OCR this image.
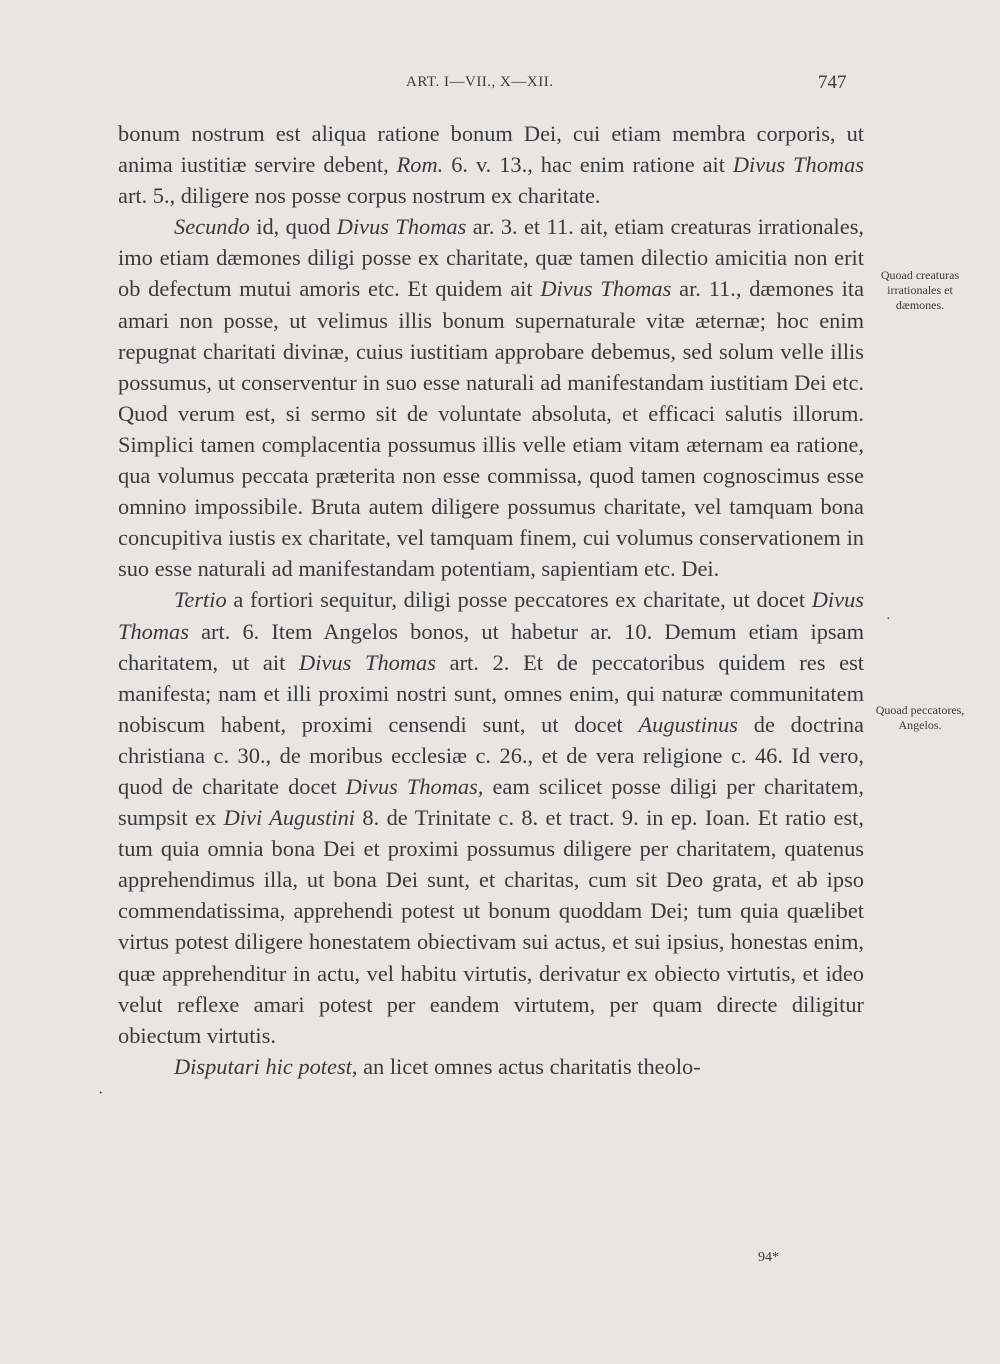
ART. I—VII., X—XII.	747

bonum nostrum est aliqua ratione bonum Dei, cui etiam membra corporis, ut anima iustitiæ servire debent, Rom. 6. v. 13., hac enim ratione ait Divus Thomas art. 5., diligere nos posse corpus nostrum ex charitate.

Secundo id, quod Divus Thomas ar. 3. et 11. ait, etiam creaturas irrationales, imo etiam dæmones diligi posse ex charitate, quæ tamen dilectio amicitia non erit ob defectum mutui amoris etc. Et quidem ait Divus Thomas ar. 11., dæmones ita amari non posse, ut velimus illis bonum supernaturale vitæ æternæ; hoc enim repugnat charitati divinæ, cuius iustitiam approbare debemus, sed solum velle illis possumus, ut conserventur in suo esse naturali ad manifestandam iustitiam Dei etc. Quod verum est, si sermo sit de voluntate absoluta, et efficaci salutis illorum. Simplici tamen complacentia possumus illis velle etiam vitam æternam ea ratione, qua volumus peccata præterita non esse commissa, quod tamen cognoscimus esse omnino impossibile. Bruta autem diligere possumus charitate, vel tamquam bona concupitiva iustis ex charitate, vel tamquam finem, cui volumus conservationem in suo esse naturali ad manifestandam potentiam, sapientiam etc. Dei.

Tertio a fortiori sequitur, diligi posse peccatores ex charitate, ut docet Divus Thomas art. 6. Item Angelos bonos, ut habetur ar. 10. Demum etiam ipsam charitatem, ut ait Divus Thomas art. 2. Et de peccatoribus quidem res est manifesta; nam et illi proximi nostri sunt, omnes enim, qui naturæ communitatem nobiscum habent, proximi censendi sunt, ut docet Augustinus de doctrina christiana c. 30., de moribus ecclesiæ c. 26., et de vera religione c. 46. Id vero, quod de charitate docet Divus Thomas, eam scilicet posse diligi per charitatem, sumpsit ex Divi Augustini 8. de Trinitate c. 8. et tract. 9. in ep. Ioan. Et ratio est, tum quia omnia bona Dei et proximi possumus diligere per charitatem, quatenus apprehendimus illa, ut bona Dei sunt, et charitas, cum sit Deo grata, et ab ipso commendatissima, apprehendi potest ut bonum quoddam Dei; tum quia quælibet virtus potest diligere honestatem obiectivam sui actus, et sui ipsius, honestas enim, quæ apprehenditur in actu, vel habitu virtutis, derivatur ex obiecto virtutis, et ideo velut reflexe amari potest per eandem virtutem, per quam directe diligitur obiectum virtutis.

Disputari hic potest, an licet omnes actus charitatis theolo-

Quoad creaturas irrationales et dæmones.
Quoad peccatores, Angelos.
·
·
94*
